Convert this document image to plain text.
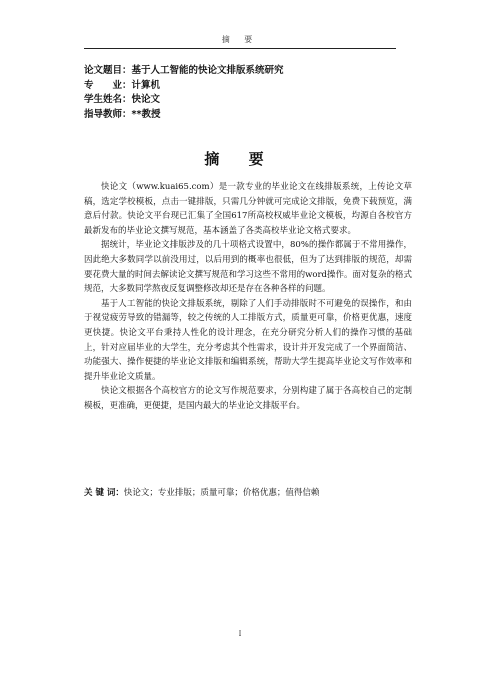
摘 要
论文题目：基于人工智能的快论文排版系统研究
专　　业：计算机
学生姓名：快论文
指导教师：**教授
摘 要

快论文（www.kuai65.com）是一款专业的毕业论文在线排版系统，上传论文草稿，选定学校模板，点击一键排版，只需几分钟就可完成论文排版，免费下载预览，满意后付款。快论文平台现已汇集了全国617所高校权威毕业论文模板，均源自各校官方最新发布的毕业论文撰写规范，基本涵盖了各类高校毕业论文格式要求。

据统计，毕业论文排版涉及的几十项格式设置中，80%的操作都属于不常用操作，因此绝大多数同学以前没用过，以后用到的概率也很低，但为了达到排版的规范，却需要花费大量的时间去解读论文撰写规范和学习这些不常用的word操作。面对复杂的格式规范，大多数同学熬夜反复调整修改却还是存在各种各样的问题。

基于人工智能的快论文排版系统，剔除了人们手动排版时不可避免的误操作，和由于视觉疲劳导致的错漏等，较之传统的人工排版方式，质量更可靠，价格更优惠，速度更快捷。快论文平台秉持人性化的设计理念，在充分研究分析人们的操作习惯的基础上，针对应届毕业的大学生，充分考虑其个性需求，设计并开发完成了一个界面简洁、功能强大、操作便捷的毕业论文排版和编辑系统，帮助大学生提高毕业论文写作效率和提升毕业论文质量。

快论文根据各个高校官方的论文写作规范要求，分别构建了属于各高校自己的定制模板，更准确，更便捷，是国内最大的毕业论文排版平台。

关 键 词：快论文；专业排版；质量可靠；价格优惠；值得信赖
I
